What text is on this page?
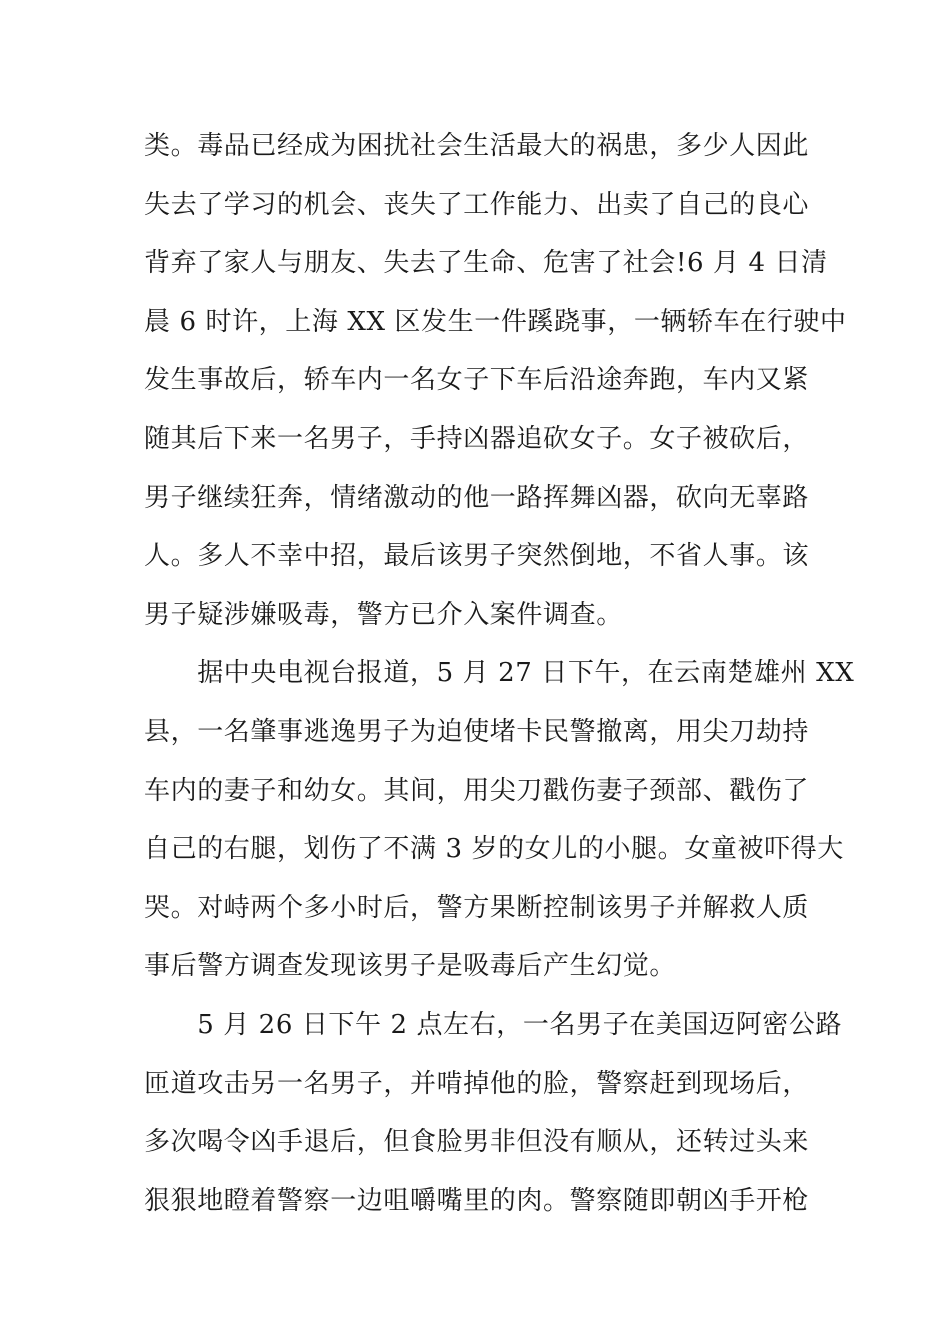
类。毒品已经成为困扰社会生活最大的祸患，多少人因此
失去了学习的机会、丧失了工作能力、出卖了自己的良心
背弃了家人与朋友、失去了生命、危害了社会!6 月 4 日清
晨 6 时许，上海 XX 区发生一件蹊跷事，一辆轿车在行驶中
发生事故后，轿车内一名女子下车后沿途奔跑，车内又紧
随其后下来一名男子，手持凶器追砍女子。女子被砍后，
男子继续狂奔，情绪激动的他一路挥舞凶器，砍向无辜路
人。多人不幸中招，最后该男子突然倒地，不省人事。该
男子疑涉嫌吸毒，警方已介入案件调查。
　　据中央电视台报道，5 月 27 日下午，在云南楚雄州 XX
县，一名肇事逃逸男子为迫使堵卡民警撤离，用尖刀劫持
车内的妻子和幼女。其间，用尖刀戳伤妻子颈部、戳伤了
自己的右腿，划伤了不满 3 岁的女儿的小腿。女童被吓得大
哭。对峙两个多小时后，警方果断控制该男子并解救人质
事后警方调查发现该男子是吸毒后产生幻觉。
　　5 月 26 日下午 2 点左右，一名男子在美国迈阿密公路
匝道攻击另一名男子，并啃掉他的脸，警察赶到现场后，
多次喝令凶手退后，但食脸男非但没有顺从，还转过头来
狠狠地瞪着警察一边咀嚼嘴里的肉。警察随即朝凶手开枪
